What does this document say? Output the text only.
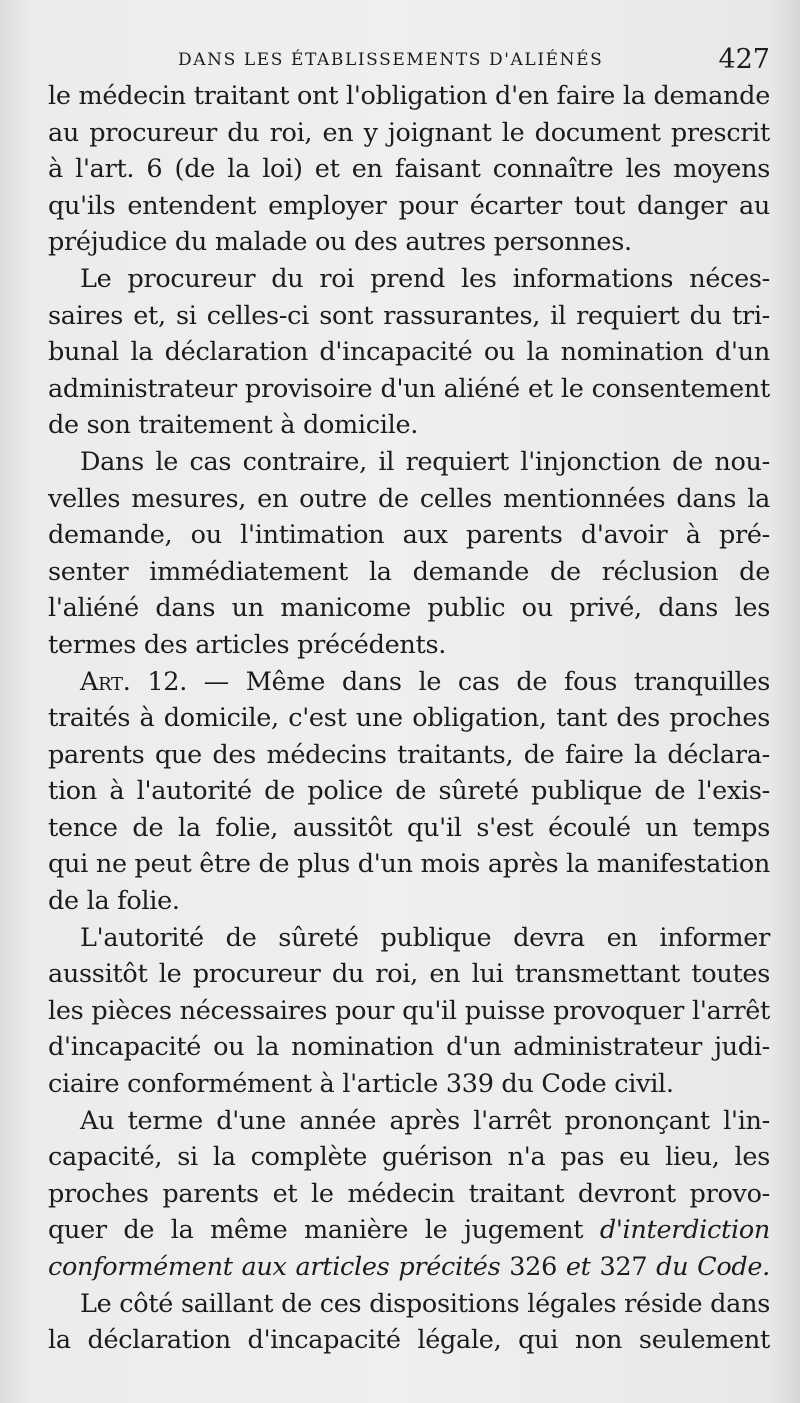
DANS LES ÉTABLISSEMENTS D'ALIÉNÉS	427
le médecin traitant ont l'obligation d'en faire la demande
au procureur du roi, en y joignant le document prescrit
à l'art. 6 (de la loi) et en faisant connaître les moyens
qu'ils entendent employer pour écarter tout danger au
préjudice du malade ou des autres personnes.
Le procureur du roi prend les informations néces-
saires et, si celles-ci sont rassurantes, il requiert du tri-
bunal la déclaration d'incapacité ou la nomination d'un
administrateur provisoire d'un aliéné et le consentement
de son traitement à domicile.
Dans le cas contraire, il requiert l'injonction de nou-
velles mesures, en outre de celles mentionnées dans la
demande, ou l'intimation aux parents d'avoir à pré-
senter immédiatement la demande de réclusion de
l'aliéné dans un manicome public ou privé, dans les
termes des articles précédents.
Art. 12. — Même dans le cas de fous tranquilles
traités à domicile, c'est une obligation, tant des proches
parents que des médecins traitants, de faire la déclara-
tion à l'autorité de police de sûreté publique de l'exis-
tence de la folie, aussitôt qu'il s'est écoulé un temps
qui ne peut être de plus d'un mois après la manifestation
de la folie.
L'autorité de sûreté publique devra en informer
aussitôt le procureur du roi, en lui transmettant toutes
les pièces nécessaires pour qu'il puisse provoquer l'arrêt
d'incapacité ou la nomination d'un administrateur judi-
ciaire conformément à l'article 339 du Code civil.
Au terme d'une année après l'arrêt prononçant l'in-
capacité, si la complète guérison n'a pas eu lieu, les
proches parents et le médecin traitant devront provo-
quer de la même manière le jugement d'interdiction
conformément aux articles précités 326 et 327 du Code.
Le côté saillant de ces dispositions légales réside dans
la déclaration d'incapacité légale, qui non seulement
